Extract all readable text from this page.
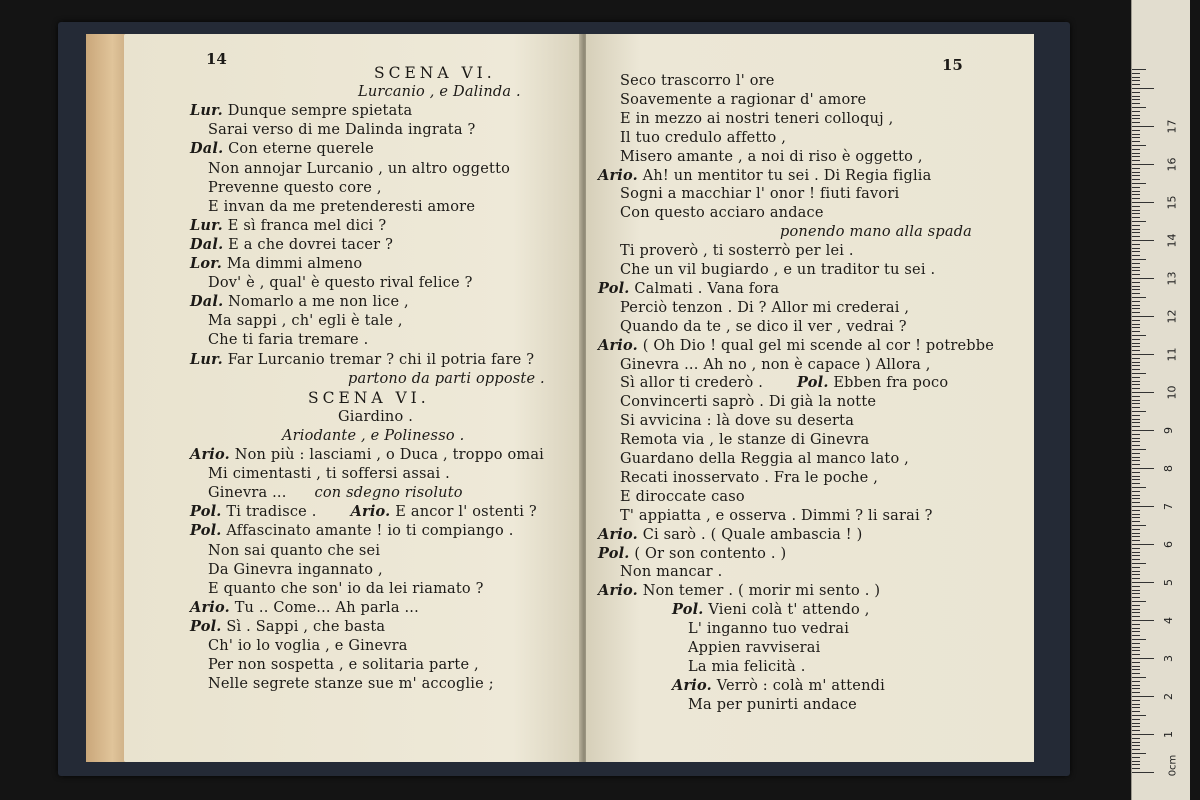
14
SCENA VI.
Lurcanio , e Dalinda .
Lur. Dunque sempre spietata
Sarai verso di me Dalinda ingrata ?
Dal. Con eterne querele
Non annojar Lurcanio , un altro oggetto
Prevenne questo core ,
E invan da me pretenderesti amore
Lur. E sì franca mel dici ?
Dal. E a che dovrei tacer ?
Lor. Ma dimmi almeno
Dov' è , qual' è questo rival felice ?
Dal. Nomarlo a me non lice ,
Ma sappi , ch' egli è tale ,
Che ti faria tremare .
Lur. Far Lurcanio tremar ? chi il potria fare ?
partono da parti opposte .
SCENA VI.
Giardino .
Ariodante , e Polinesso .
Ario. Non più : lasciami , o Duca , troppo omai
Mi cimentasti , ti soffersi assai .
Ginevra ... con sdegno risoluto
Pol. Ti tradisce . Ario. E ancor l' ostenti ?
Pol. Affascinato amante ! io ti compiango .
Non sai quanto che sei
Da Ginevra ingannato ,
E quanto che son' io da lei riamato ?
Ario. Tu .. Come... Ah parla ...
Pol. Sì . Sappi , che basta
Ch' io lo voglia , e Ginevra
Per non sospetta , e solitaria parte ,
Nelle segrete stanze sue m' accoglie ;
15
Seco trascorro l' ore
Soavemente a ragionar d' amore
E in mezzo ai nostri teneri colloquj ,
Il tuo credulo affetto ,
Misero amante , a noi di riso è oggetto ,
Ario. Ah! un mentitor tu sei . Di Regia figlia
Sogni a macchiar l' onor ! fiuti favori
Con questo acciaro andace
ponendo mano alla spada
Ti proverò , ti sosterrò per lei .
Che un vil bugiardo , e un traditor tu sei .
Pol. Calmati . Vana fora
Perciò tenzon . Di ? Allor mi crederai ,
Quando da te , se dico il ver , vedrai ?
Ario. ( Oh Dio ! qual gel mi scende al cor ! potrebbe
Ginevra ... Ah no , non è capace ) Allora ,
Sì allor ti crederò . Pol. Ebben fra poco
Convincerti saprò . Di già la notte
Si avvicina : là dove su deserta
Remota via , le stanze di Ginevra
Guardano della Reggia al manco lato ,
Recati inosservato . Fra le poche ,
E diroccate caso
T' appiatta , e osserva . Dimmi ? li sarai ?
Ario. Ci sarò . ( Quale ambascia ! )
Pol. ( Or son contento . )
Non mancar .
Ario. Non temer . ( morir mi sento . )
Pol. Vieni colà t' attendo ,
L' inganno tuo vedrai
Appien ravviserai
La mia felicità .
Ario. Verrò : colà m' attendi
Ma per punirti andace
0cm
17
16
15
14
13
12
11
10
9
8
7
6
5
4
3
2
1
